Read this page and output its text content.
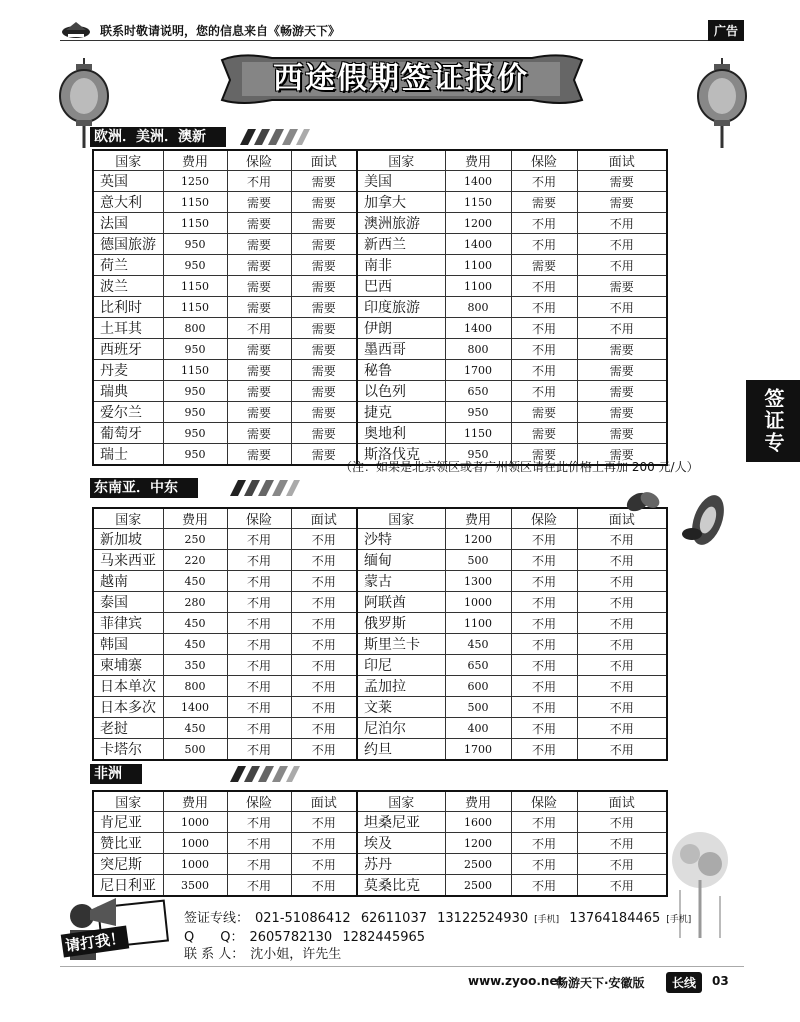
联系时敬请说明，您的信息来自《畅游天下》	广告
西途假期签证报价
签证专线
欧洲．美洲．澳新
国家	费用	保险	面试	国家	费用	保险	面试
英国	1250	不用	需要	美国	1400	不用	需要
意大利	1150	需要	需要	加拿大	1150	需要	需要
法国	1150	需要	需要	澳洲旅游	1200	不用	不用
德国旅游	950	需要	需要	新西兰	1400	不用	不用
荷兰	950	需要	需要	南非	1100	需要	不用
波兰	1150	需要	需要	巴西	1100	不用	需要
比利时	1150	需要	需要	印度旅游	800	不用	不用
土耳其	800	不用	需要	伊朗	1400	不用	不用
西班牙	950	需要	需要	墨西哥	800	不用	需要
丹麦	1150	需要	需要	秘鲁	1700	不用	需要
瑞典	950	需要	需要	以色列	650	不用	需要
爱尔兰	950	需要	需要	捷克	950	需要	需要
葡萄牙	950	需要	需要	奥地利	1150	需要	需要
瑞士	950	需要	需要	斯洛伐克	950	需要	需要
（注：如果是北京领区或者广州领区请在此价格上再加 200 元/人）
东南亚．中东
国家	费用	保险	面试	国家	费用	保险	面试
新加坡	250	不用	不用	沙特	1200	不用	不用
马来西亚	220	不用	不用	缅甸	500	不用	不用
越南	450	不用	不用	蒙古	1300	不用	不用
泰国	280	不用	不用	阿联酋	1000	不用	不用
菲律宾	450	不用	不用	俄罗斯	1100	不用	不用
韩国	450	不用	不用	斯里兰卡	450	不用	不用
柬埔寨	350	不用	不用	印尼	650	不用	不用
日本单次	800	不用	不用	孟加拉	600	不用	不用
日本多次	1400	不用	不用	文莱	500	不用	不用
老挝	450	不用	不用	尼泊尔	400	不用	不用
卡塔尔	500	不用	不用	约旦	1700	不用	不用
非洲
国家	费用	保险	面试	国家	费用	保险	面试
肯尼亚	1000	不用	不用	坦桑尼亚	1600	不用	不用
赞比亚	1000	不用	不用	埃及	1200	不用	不用
突尼斯	1000	不用	不用	苏丹	2500	不用	不用
尼日利亚	3500	不用	不用	莫桑比克	2500	不用	不用
请打我！
签证专线： 021-51086412 62611037 13122524930 [手机] 13764184465 [手机]
Q　　Q： 2605782130 1282445965
联 系 人： 沈小姐，许先生
www.zyoo.net
畅游天下·安徽版	长线	03
